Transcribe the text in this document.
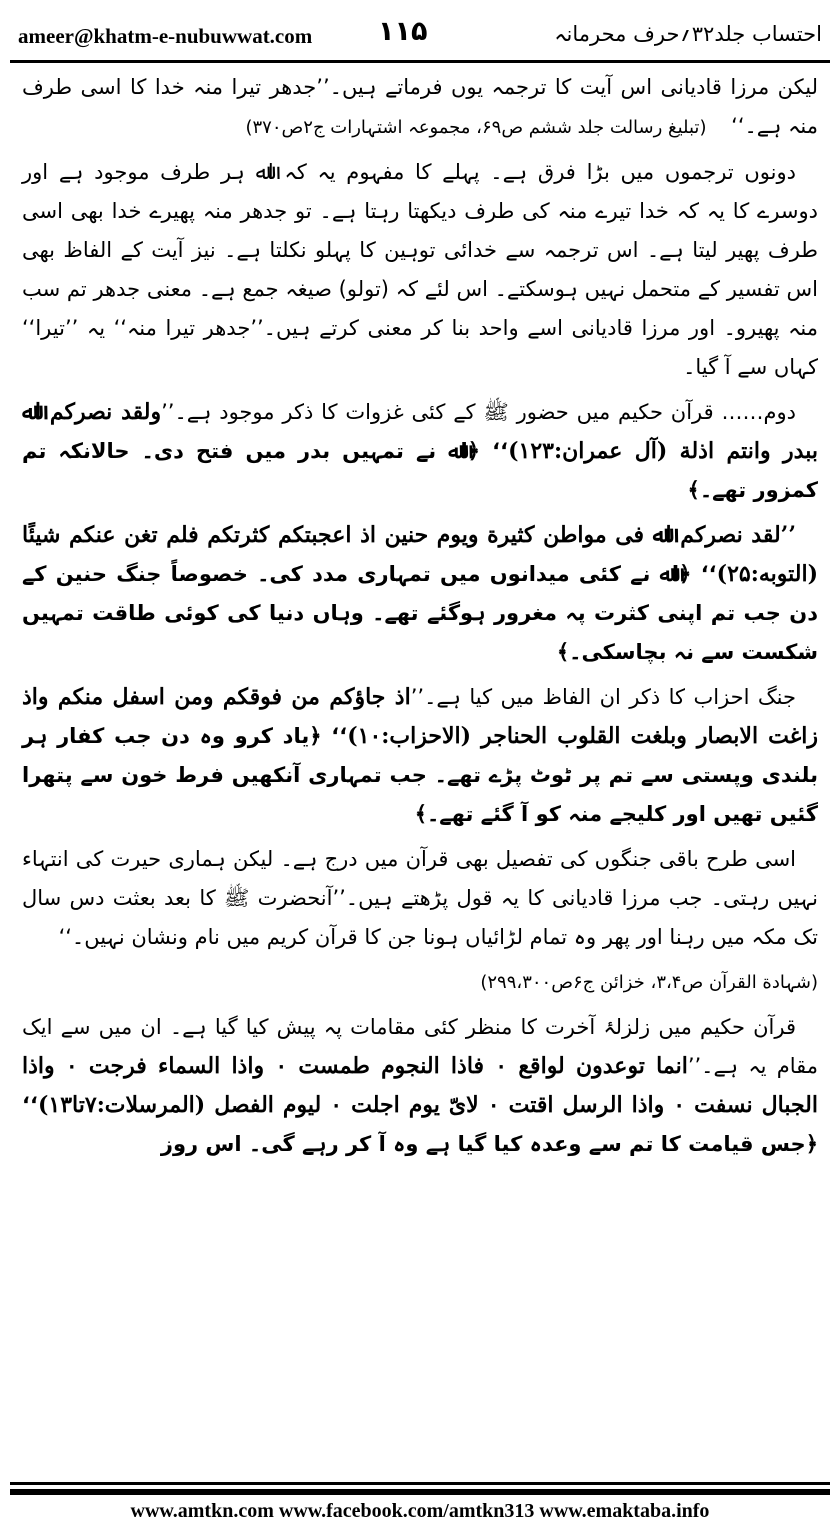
ameer@khatm-e-nubuwwat.com ۱۱۵	احتساب جلد۳۲؍حرف محرمانہ

لیکن مرزا قادیانی اس آیت کا ترجمہ یوں فرماتے ہیں۔’’جدھر تیرا منہ خدا کا اسی طرف منہ ہے۔‘‘ (تبلیغ رسالت جلد ششم ص۶۹، مجموعہ اشتہارات ج۲ص۳۷۰)

دونوں ترجموں میں بڑا فرق ہے۔ پہلے کا مفہوم یہ کہ اﷲ ہر طرف موجود ہے اور دوسرے کا یہ کہ خدا تیرے منہ کی طرف دیکھتا رہتا ہے۔ تو جدھر منہ پھیرے خدا بھی اسی طرف پھیر لیتا ہے۔ اس ترجمہ سے خدائی توہین کا پہلو نکلتا ہے۔ نیز آیت کے الفاظ بھی اس تفسیر کے متحمل نہیں ہوسکتے۔ اس لئے کہ (تولو) صیغہ جمع ہے۔ معنی جدھر تم سب منہ پھیرو۔ اور مرزا قادیانی اسے واحد بنا کر معنی کرتے ہیں۔’’جدھر تیرا منہ‘‘ یہ ’’تیرا‘‘ کہاں سے آ گیا۔

دوم…… قرآن حکیم میں حضور ﷺ کے کئی غزوات کا ذکر موجود ہے۔’’ولقد نصرکم اﷲ ببدر وانتم اذلة (آل عمران:۱۲۳)‘‘ ﴿اﷲ نے تمہیں بدر میں فتح دی۔ حالانکہ تم کمزور تھے۔﴾

’’لقد نصرکم اﷲ فی مواطن کثیرة ویوم حنین اذ اعجبتکم کثرتکم فلم تغن عنکم شیئًا (التوبه:۲۵)‘‘ ﴿اﷲ نے کئی میدانوں میں تمہاری مدد کی۔ خصوصاً جنگ حنین کے دن جب تم اپنی کثرت پہ مغرور ہوگئے تھے۔ وہاں دنیا کی کوئی طاقت تمہیں شکست سے نہ بچاسکی۔﴾

جنگ احزاب کا ذکر ان الفاظ میں کیا ہے۔’’اذ جاؤکم من فوقکم ومن اسفل منکم واذ زاغت الابصار وبلغت القلوب الحناجر (الاحزاب:۱۰)‘‘ ﴿یاد کرو وہ دن جب کفار ہر بلندی وپستی سے تم پر ٹوٹ پڑے تھے۔ جب تمہاری آنکھیں فرط خون سے پتھرا گئیں تھیں اور کلیجے منہ کو آ گئے تھے۔﴾

اسی طرح باقی جنگوں کی تفصیل بھی قرآن میں درج ہے۔ لیکن ہماری حیرت کی انتہاء نہیں رہتی۔ جب مرزا قادیانی کا یہ قول پڑھتے ہیں۔’’آنحضرت ﷺ کا بعد بعثت دس سال تک مکہ میں رہنا اور پھر وہ تمام لڑائیاں ہونا جن کا قرآن کریم میں نام ونشان نہیں۔‘‘

(شہادة القرآن ص۳،۴، خزائن ج۶ص۲۹۹،۳۰۰)

قرآن حکیم میں زلزلۂ آخرت کا منظر کئی مقامات پہ پیش کیا گیا ہے۔ ان میں سے ایک مقام یہ ہے۔’’انما توعدون لواقع ۰ فاذا النجوم طمست ۰ واذا السماء فرجت ۰ واذا الجبال نسفت ۰ واذا الرسل اقتت ۰ لایّ یوم اجلت ۰ لیوم الفصل (المرسلات:۷تا۱۳)‘‘ ﴿جس قیامت کا تم سے وعدہ کیا گیا ہے وہ آ کر رہے گی۔ اس روز

www.amtkn.com www.facebook.com/amtkn313 www.emaktaba.info
